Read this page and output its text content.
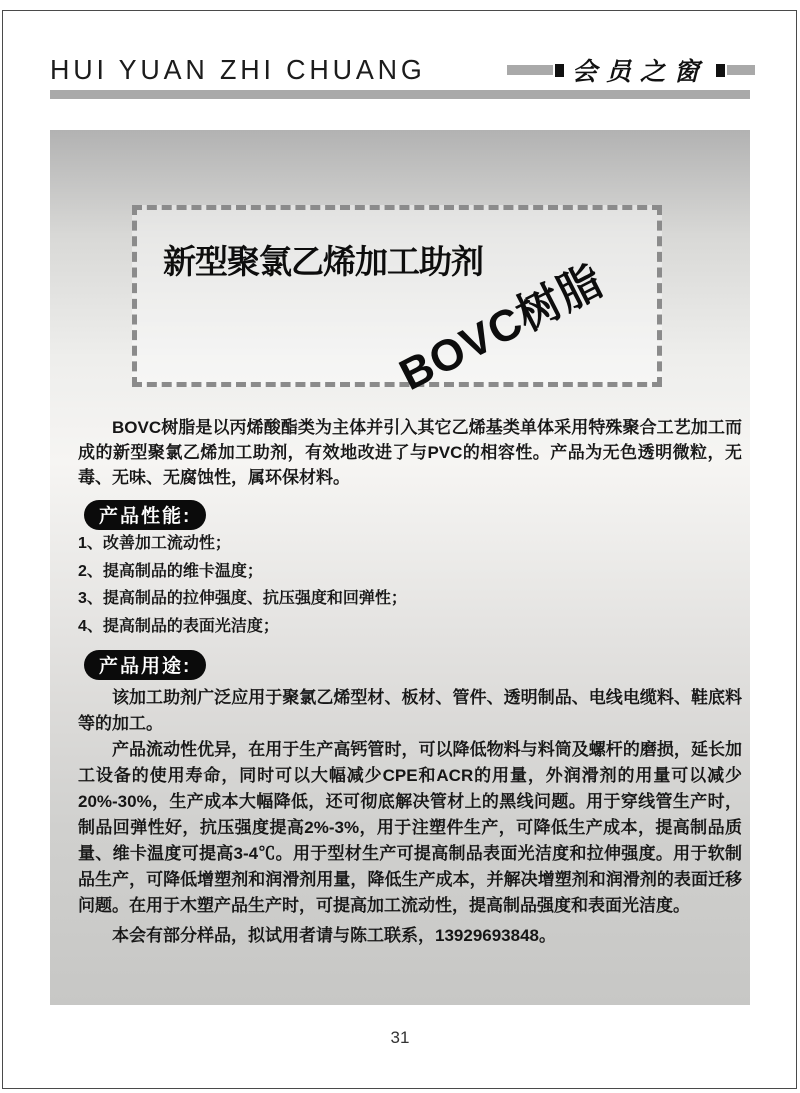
HUI YUAN ZHI CHUANG	会员之窗
新型聚氯乙烯加工助剂
BOVC树脂

BOVC树脂是以丙烯酸酯类为主体并引入其它乙烯基类单体采用特殊聚合工艺加工而成的新型聚氯乙烯加工助剂，有效地改进了与PVC的相容性。产品为无色透明微粒，无毒、无味、无腐蚀性，属环保材料。

产品性能:
1、改善加工流动性；
2、提高制品的维卡温度；
3、提高制品的拉伸强度、抗压强度和回弹性；
4、提高制品的表面光洁度；
产品用途:

该加工助剂广泛应用于聚氯乙烯型材、板材、管件、透明制品、电线电缆料、鞋底料等的加工。

产品流动性优异，在用于生产高钙管时，可以降低物料与料筒及螺杆的磨损，延长加工设备的使用寿命，同时可以大幅减少CPE和ACR的用量，外润滑剂的用量可以减少20%-30%，生产成本大幅降低，还可彻底解决管材上的黑线问题。用于穿线管生产时，制品回弹性好，抗压强度提高2%-3%，用于注塑件生产，可降低生产成本，提高制品质量、维卡温度可提高3-4℃。用于型材生产可提高制品表面光洁度和拉伸强度。用于软制品生产，可降低增塑剂和润滑剂用量，降低生产成本，并解决增塑剂和润滑剂的表面迁移问题。在用于木塑产品生产时，可提高加工流动性，提高制品强度和表面光洁度。

本会有部分样品，拟试用者请与陈工联系，13929693848。

31
